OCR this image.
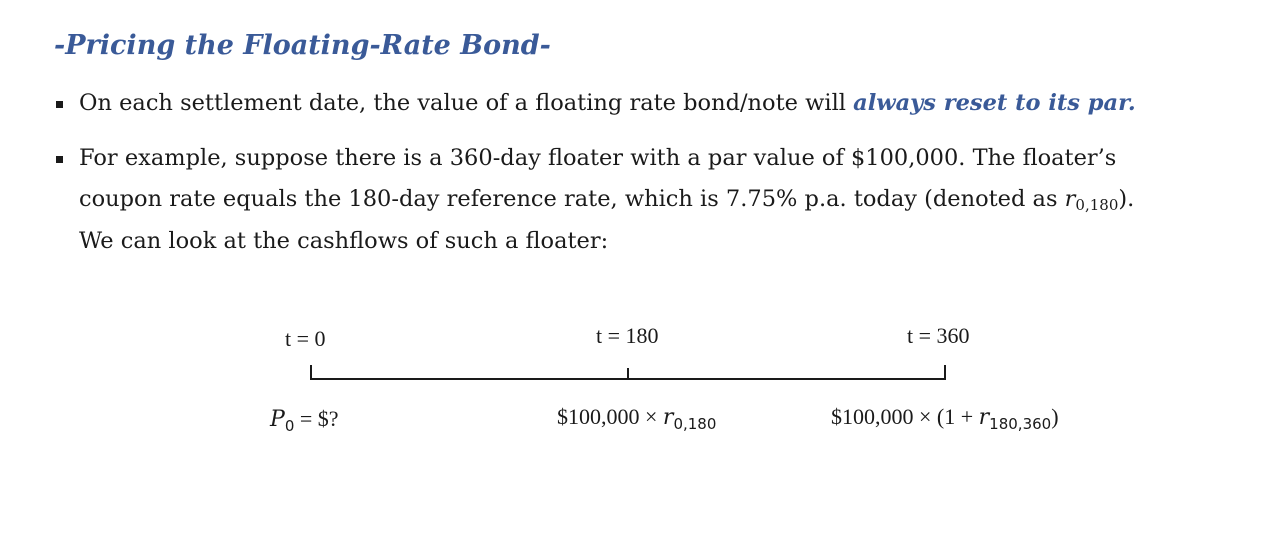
-Pricing the Floating-Rate Bond-
On each settlement date, the value of a floating rate bond/note will always reset to its par.
For example, suppose there is a 360-day floater with a par value of $100,000. The floater’s
coupon rate equals the 180-day reference rate, which is 7.75% p.a. today (denoted as $r_{0,180}$).
We can look at the cashflows of such a floater:
t = 0	t = 180	t = 360
$P_0$ = $?	$100,000 × $r_{0,180}$	$100,000 × $(1 + r_{180,360})$
